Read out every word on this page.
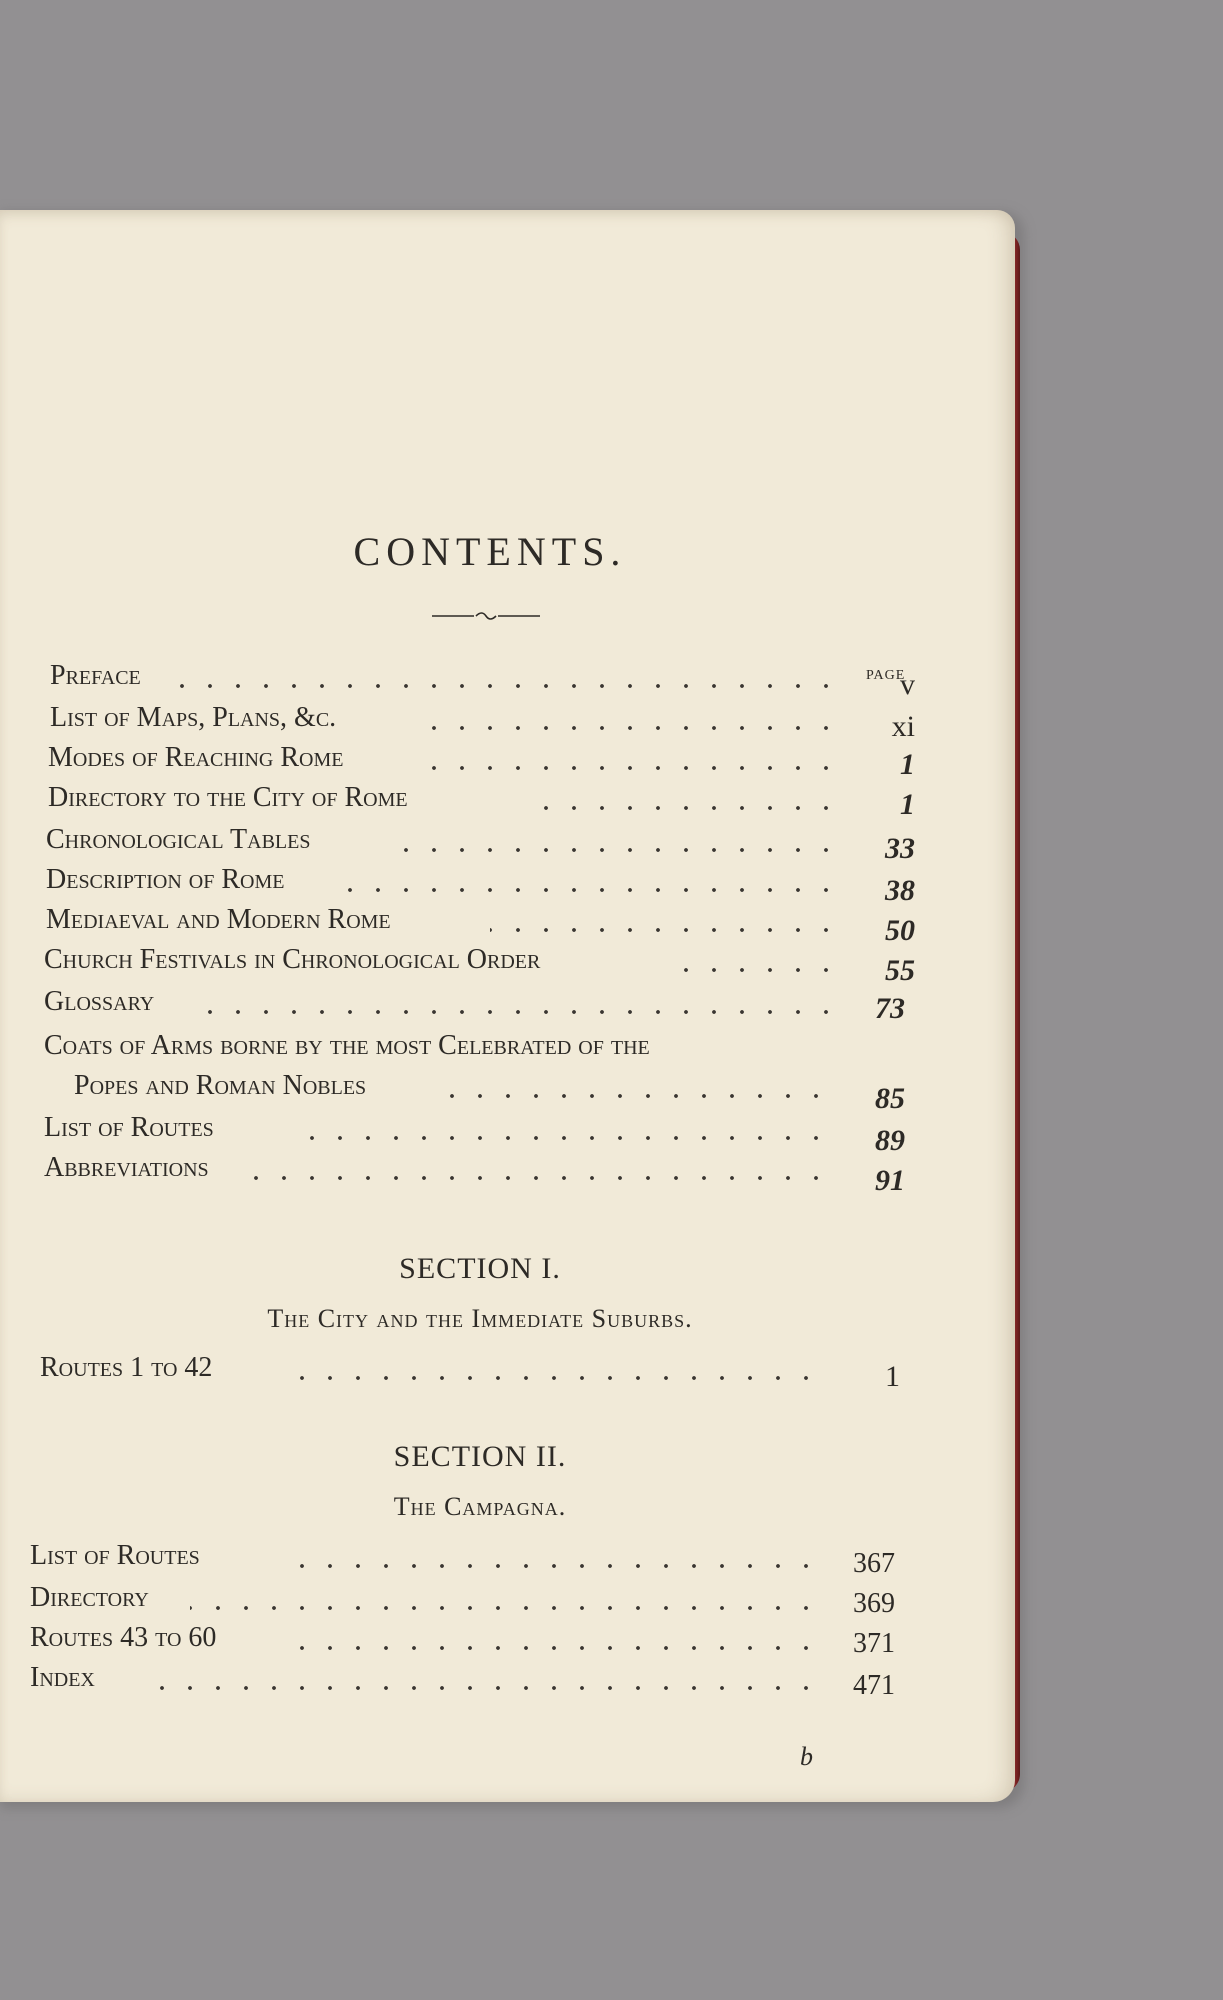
CONTENTS.
PAGE
Preface	v
List of Maps, Plans, &c.	xi
Modes of Reaching Rome	1
Directory to the City of Rome	1
Chronological Tables	33
Description of Rome	38
Mediaeval and Modern Rome	50
Church Festivals in Chronological Order	55
Glossary	73
Coats of Arms borne by the most Celebrated of the
Popes and Roman Nobles	85
List of Routes	89
Abbreviations	91
SECTION I.
The City and the Immediate Suburbs.
Routes 1 to 42	1
SECTION II.
The Campagna.
List of Routes	367
Directory	369
Routes 43 to 60	371
Index	471
b
